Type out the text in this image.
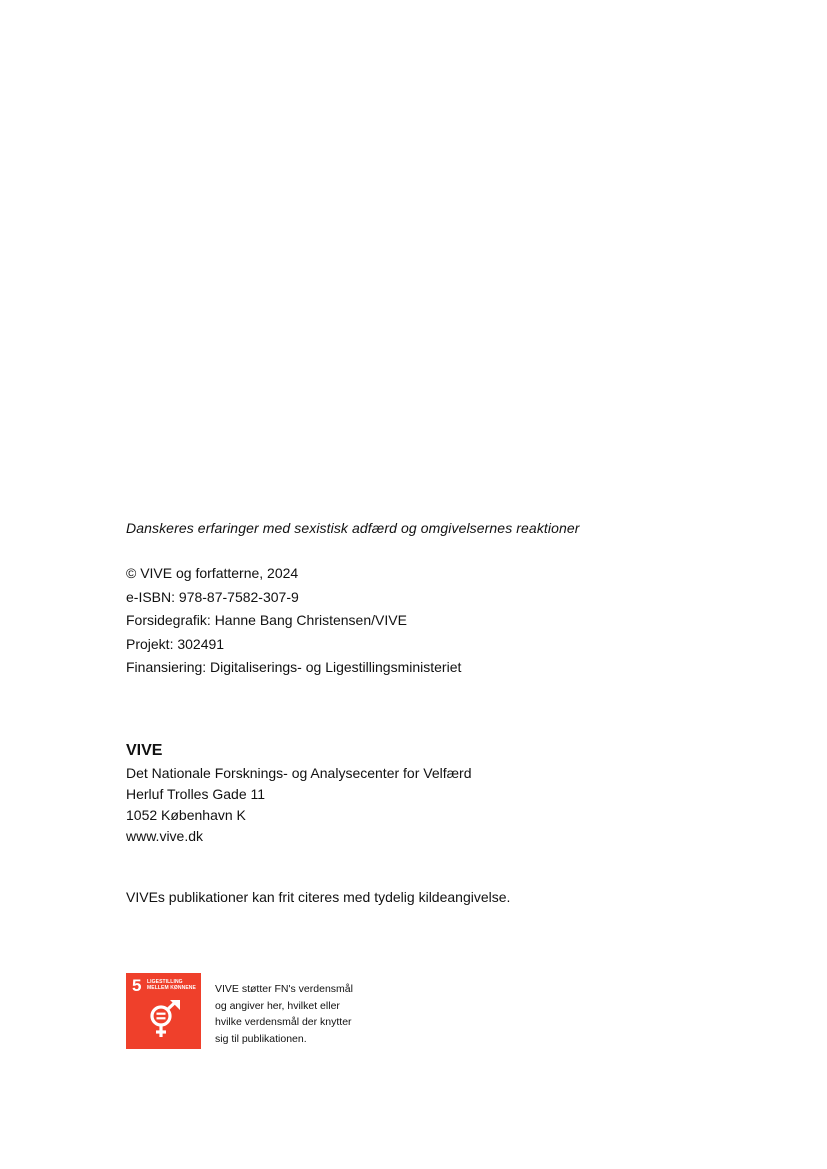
Danskeres erfaringer med sexistisk adfærd og omgivelsernes reaktioner
© VIVE og forfatterne, 2024
e-ISBN: 978-87-7582-307-9
Forsidegrafik: Hanne Bang Christensen/VIVE
Projekt: 302491
Finansiering: Digitaliserings- og Ligestillingsministeriet
VIVE
Det Nationale Forsknings- og Analysecenter for Velfærd
Herluf Trolles Gade 11
1052 København K
www.vive.dk
VIVEs publikationer kan frit citeres med tydelig kildeangivelse.
5 LIGESTILLING
MELLEM KØNNENE VIVE støtter FN's verdensmål
og angiver her, hvilket eller
hvilke verdensmål der knytter
sig til publikationen.
